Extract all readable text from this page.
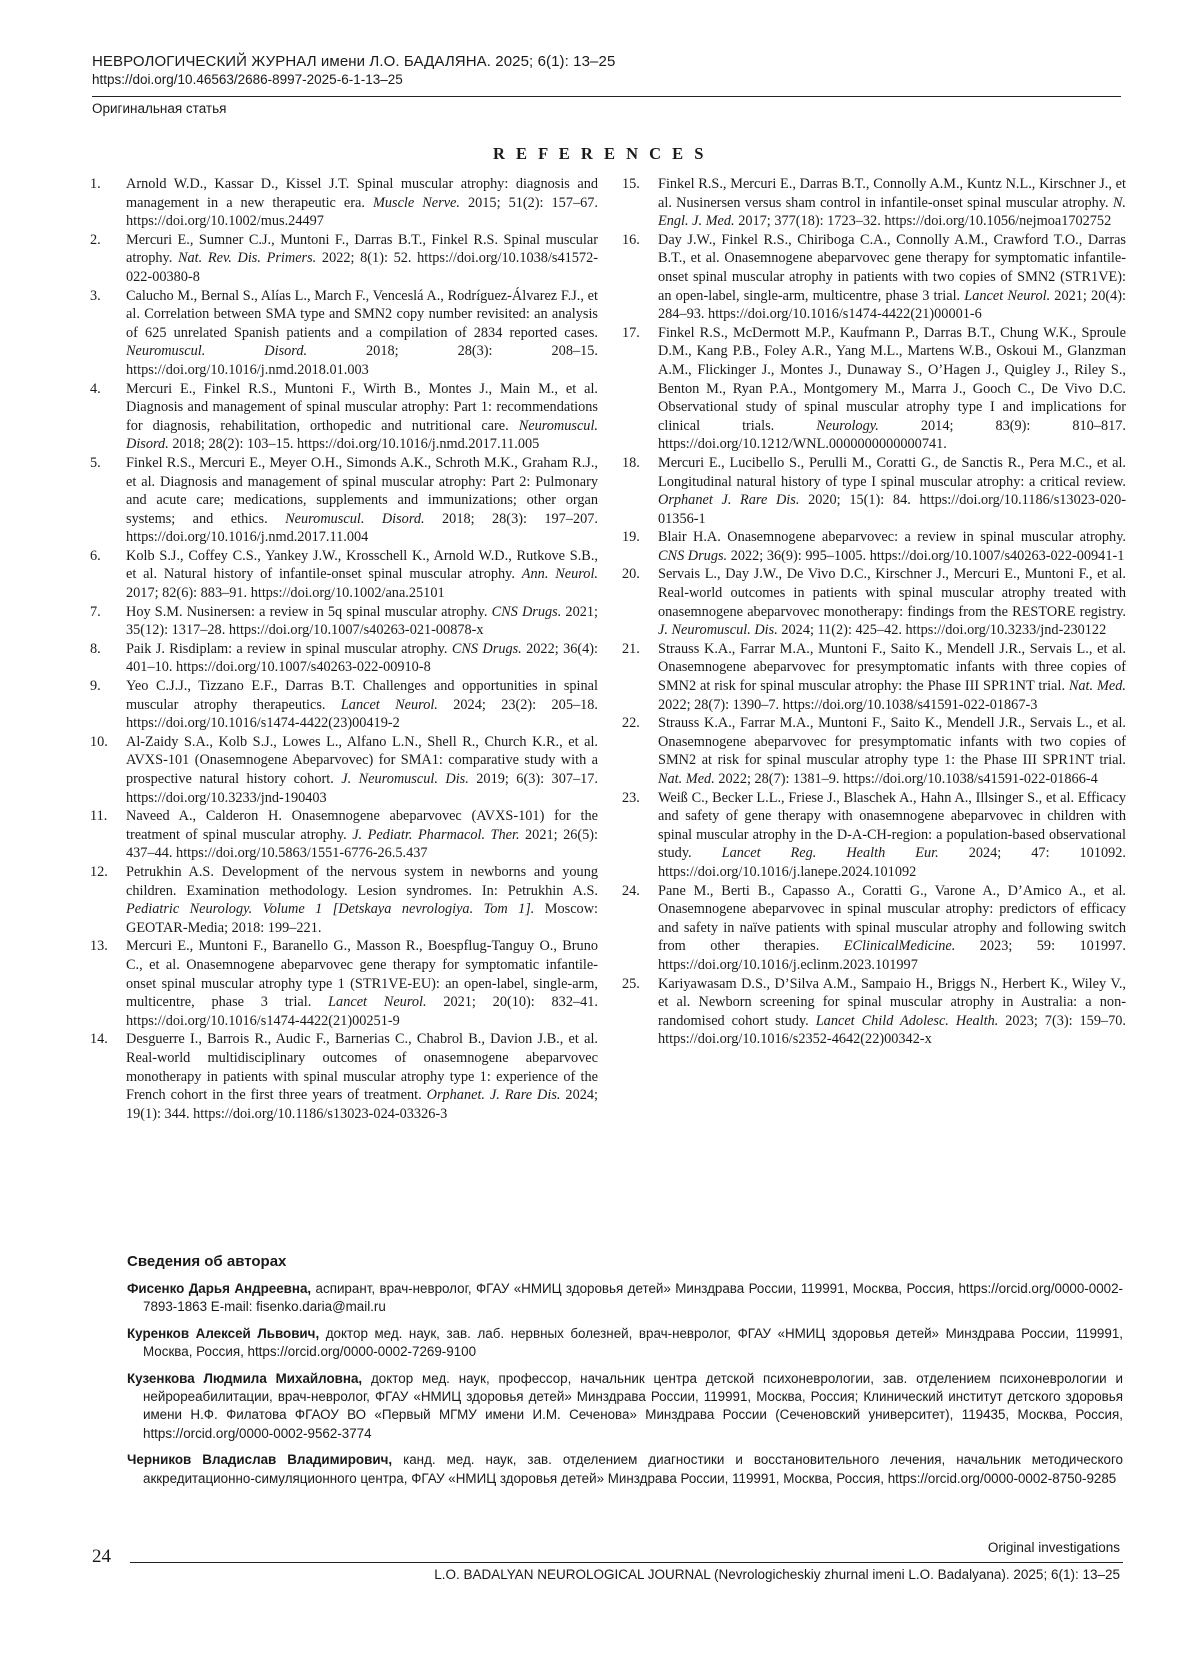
НЕВРОЛОГИЧЕСКИЙ ЖУРНАЛ имени Л.О. БАДАЛЯНА. 2025; 6(1): 13–25
https://doi.org/10.46563/2686-8997-2025-6-1-13–25
Оригинальная статья
R E F E R E N C E S
1.	Arnold W.D., Kassar D., Kissel J.T. Spinal muscular atrophy: diagnosis and management in a new therapeutic era. Muscle Nerve. 2015; 51(2): 157–67. https://doi.org/10.1002/mus.24497
2.	Mercuri E., Sumner C.J., Muntoni F., Darras B.T., Finkel R.S. Spinal muscular atrophy. Nat. Rev. Dis. Primers. 2022; 8(1): 52. https://doi.org/10.1038/s41572-022-00380-8
3.	Calucho M., Bernal S., Alías L., March F., Venceslá A., Rodríguez-Álvarez F.J., et al. Correlation between SMA type and SMN2 copy number revisited: an analysis of 625 unrelated Spanish patients and a compilation of 2834 reported cases. Neuromuscul. Disord. 2018; 28(3): 208–15. https://doi.org/10.1016/j.nmd.2018.01.003
4.	Mercuri E., Finkel R.S., Muntoni F., Wirth B., Montes J., Main M., et al. Diagnosis and management of spinal muscular atrophy: Part 1: recommendations for diagnosis, rehabilitation, orthopedic and nutritional care. Neuromuscul. Disord. 2018; 28(2): 103–15. https://doi.org/10.1016/j.nmd.2017.11.005
5.	Finkel R.S., Mercuri E., Meyer O.H., Simonds A.K., Schroth M.K., Graham R.J., et al. Diagnosis and management of spinal muscular atrophy: Part 2: Pulmonary and acute care; medications, supplements and immunizations; other organ systems; and ethics. Neuromuscul. Disord. 2018; 28(3): 197–207. https://doi.org/10.1016/j.nmd.2017.11.004
6.	Kolb S.J., Coffey C.S., Yankey J.W., Krosschell K., Arnold W.D., Rutkove S.B., et al. Natural history of infantile-onset spinal muscular atrophy. Ann. Neurol. 2017; 82(6): 883–91. https://doi.org/10.1002/ana.25101
7.	Hoy S.M. Nusinersen: a review in 5q spinal muscular atrophy. CNS Drugs. 2021; 35(12): 1317–28. https://doi.org/10.1007/s40263-021-00878-x
8.	Paik J. Risdiplam: a review in spinal muscular atrophy. CNS Drugs. 2022; 36(4): 401–10. https://doi.org/10.1007/s40263-022-00910-8
9.	Yeo C.J.J., Tizzano E.F., Darras B.T. Challenges and opportunities in spinal muscular atrophy therapeutics. Lancet Neurol. 2024; 23(2): 205–18. https://doi.org/10.1016/s1474-4422(23)00419-2
10.	Al-Zaidy S.A., Kolb S.J., Lowes L., Alfano L.N., Shell R., Church K.R., et al. AVXS-101 (Onasemnogene Abeparvovec) for SMA1: comparative study with a prospective natural history cohort. J. Neuromuscul. Dis. 2019; 6(3): 307–17. https://doi.org/10.3233/jnd-190403
11.	Naveed A., Calderon H. Onasemnogene abeparvovec (AVXS-101) for the treatment of spinal muscular atrophy. J. Pediatr. Pharmacol. Ther. 2021; 26(5): 437–44. https://doi.org/10.5863/1551-6776-26.5.437
12.	Petrukhin A.S. Development of the nervous system in newborns and young children. Examination methodology. Lesion syndromes. In: Petrukhin A.S. Pediatric Neurology. Volume 1 [Detskaya nevrologiya. Tom 1]. Moscow: GEOTAR-Media; 2018: 199–221.
13.	Mercuri E., Muntoni F., Baranello G., Masson R., Boespflug-Tanguy O., Bruno C., et al. Onasemnogene abeparvovec gene therapy for symptomatic infantile-onset spinal muscular atrophy type 1 (STR1VE-EU): an open-label, single-arm, multicentre, phase 3 trial. Lancet Neurol. 2021; 20(10): 832–41. https://doi.org/10.1016/s1474-4422(21)00251-9
14.	Desguerre I., Barrois R., Audic F., Barnerias C., Chabrol B., Davion J.B., et al. Real-world multidisciplinary outcomes of onasemnogene abeparvovec monotherapy in patients with spinal muscular atrophy type 1: experience of the French cohort in the first three years of treatment. Orphanet. J. Rare Dis. 2024; 19(1): 344. https://doi.org/10.1186/s13023-024-03326-3
15.	Finkel R.S., Mercuri E., Darras B.T., Connolly A.M., Kuntz N.L., Kirschner J., et al. Nusinersen versus sham control in infantile-onset spinal muscular atrophy. N. Engl. J. Med. 2017; 377(18): 1723–32. https://doi.org/10.1056/nejmoa1702752
16.	Day J.W., Finkel R.S., Chiriboga C.A., Connolly A.M., Crawford T.O., Darras B.T., et al. Onasemnogene abeparvovec gene therapy for symptomatic infantile-onset spinal muscular atrophy in patients with two copies of SMN2 (STR1VE): an open-label, single-arm, multicentre, phase 3 trial. Lancet Neurol. 2021; 20(4): 284–93. https://doi.org/10.1016/s1474-4422(21)00001-6
17.	Finkel R.S., McDermott M.P., Kaufmann P., Darras B.T., Chung W.K., Sproule D.M., Kang P.B., Foley A.R., Yang M.L., Martens W.B., Oskoui M., Glanzman A.M., Flickinger J., Montes J., Dunaway S., O’Hagen J., Quigley J., Riley S., Benton M., Ryan P.A., Montgomery M., Marra J., Gooch C., De Vivo D.C. Observational study of spinal muscular atrophy type I and implications for clinical trials. Neurology. 2014; 83(9): 810–817. https://doi.org/10.1212/WNL.0000000000000741.
18.	Mercuri E., Lucibello S., Perulli M., Coratti G., de Sanctis R., Pera M.C., et al. Longitudinal natural history of type I spinal muscular atrophy: a critical review. Orphanet J. Rare Dis. 2020; 15(1): 84. https://doi.org/10.1186/s13023-020-01356-1
19.	Blair H.A. Onasemnogene abeparvovec: a review in spinal muscular atrophy. CNS Drugs. 2022; 36(9): 995–1005. https://doi.org/10.1007/s40263-022-00941-1
20.	Servais L., Day J.W., De Vivo D.C., Kirschner J., Mercuri E., Muntoni F., et al. Real-world outcomes in patients with spinal muscular atrophy treated with onasemnogene abeparvovec monotherapy: findings from the RESTORE registry. J. Neuromuscul. Dis. 2024; 11(2): 425–42. https://doi.org/10.3233/jnd-230122
21.	Strauss K.A., Farrar M.A., Muntoni F., Saito K., Mendell J.R., Servais L., et al. Onasemnogene abeparvovec for presymptomatic infants with three copies of SMN2 at risk for spinal muscular atrophy: the Phase III SPR1NT trial. Nat. Med. 2022; 28(7): 1390–7. https://doi.org/10.1038/s41591-022-01867-3
22.	Strauss K.A., Farrar M.A., Muntoni F., Saito K., Mendell J.R., Servais L., et al. Onasemnogene abeparvovec for presymptomatic infants with two copies of SMN2 at risk for spinal muscular atrophy type 1: the Phase III SPR1NT trial. Nat. Med. 2022; 28(7): 1381–9. https://doi.org/10.1038/s41591-022-01866-4
23.	Weiß C., Becker L.L., Friese J., Blaschek A., Hahn A., Illsinger S., et al. Efficacy and safety of gene therapy with onasemnogene abeparvovec in children with spinal muscular atrophy in the D-A-CH-region: a population-based observational study. Lancet Reg. Health Eur. 2024; 47: 101092. https://doi.org/10.1016/j.lanepe.2024.101092
24.	Pane M., Berti B., Capasso A., Coratti G., Varone A., D’Amico A., et al. Onasemnogene abeparvovec in spinal muscular atrophy: predictors of efficacy and safety in naïve patients with spinal muscular atrophy and following switch from other therapies. EClinicalMedicine. 2023; 59: 101997. https://doi.org/10.1016/j.eclinm.2023.101997
25.	Kariyawasam D.S., D’Silva A.M., Sampaio H., Briggs N., Herbert K., Wiley V., et al. Newborn screening for spinal muscular atrophy in Australia: a non-randomised cohort study. Lancet Child Adolesc. Health. 2023; 7(3): 159–70. https://doi.org/10.1016/s2352-4642(22)00342-x
Сведения об авторах
Фисенко Дарья Андреевна, аспирант, врач-невролог, ФГАУ «НМИЦ здоровья детей» Минздрава России, 119991, Москва, Россия, https://orcid.org/0000-0002-7893-1863 E-mail: fisenko.daria@mail.ru
Куренков Алексей Львович, доктор мед. наук, зав. лаб. нервных болезней, врач-невролог, ФГАУ «НМИЦ здоровья детей» Минздрава России, 119991, Москва, Россия, https://orcid.org/0000-0002-7269-9100
Кузенкова Людмила Михайловна, доктор мед. наук, профессор, начальник центра детской психоневрологии, зав. отделением психоневрологии и нейрореабилитации, врач-невролог, ФГАУ «НМИЦ здоровья детей» Минздрава России, 119991, Москва, Россия; Клинический институт детского здоровья имени Н.Ф. Филатова ФГАОУ ВО «Первый МГМУ имени И.М. Сеченова» Минздрава России (Сеченовский университет), 119435, Москва, Россия, https://orcid.org/0000-0002-9562-3774
Черников Владислав Владимирович, канд. мед. наук, зав. отделением диагностики и восстановительного лечения, начальник методического аккредитационно-симуляционного центра, ФГАУ «НМИЦ здоровья детей» Минздрава России, 119991, Москва, Россия, https://orcid.org/0000-0002-8750-9285
Original investigations
24
L.O. BADALYAN NEUROLOGICAL JOURNAL (Nevrologicheskiy zhurnal imeni L.O. Badalyana). 2025; 6(1): 13–25
